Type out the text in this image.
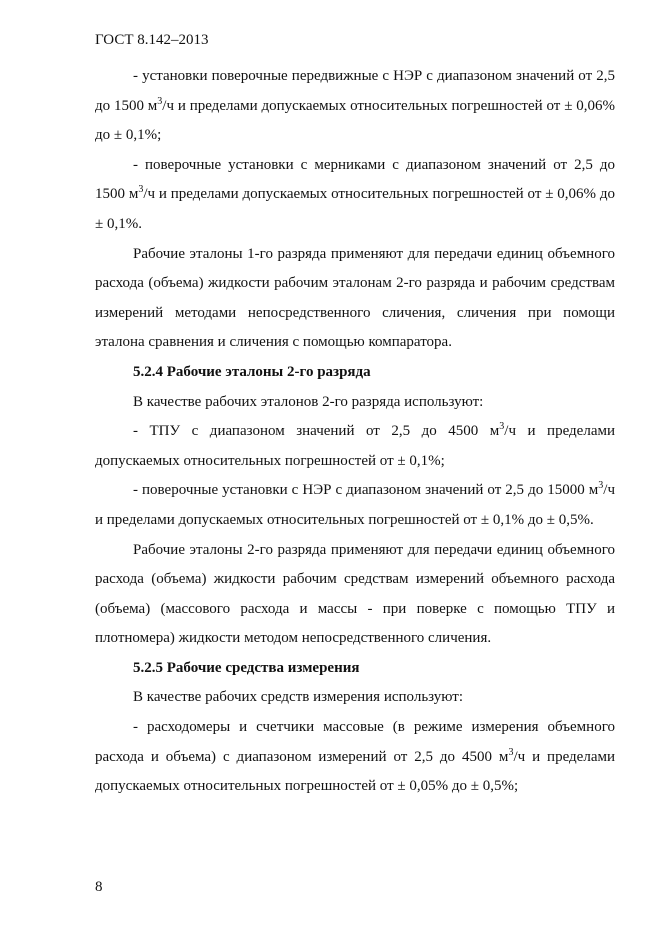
ГОСТ 8.142–2013

- установки поверочные передвижные с НЭР с диапазоном значений от 2,5 до 1500 $м^3/ч$ и пределами допускаемых относительных погрешностей от ± 0,06% до ± 0,1%;

- поверочные установки с мерниками с диапазоном значений от 2,5 до 1500 $м^3/ч$ и пределами допускаемых относительных погрешностей от ± 0,06% до ± 0,1%.

Рабочие эталоны 1-го разряда применяют для передачи единиц объемного расхода (объема) жидкости рабочим эталонам 2-го разряда и рабочим средствам измерений методами непосредственного сличения, сличения при помощи эталона сравнения и сличения с помощью компаратора.

5.2.4 Рабочие эталоны 2-го разряда

В качестве рабочих эталонов 2-го разряда используют:

- ТПУ с диапазоном значений от 2,5 до 4500 $м^3/ч$ и пределами допускаемых относительных погрешностей от ± 0,1%;

- поверочные установки с НЭР с диапазоном значений от 2,5 до 15000 $м^3/ч$ и пределами допускаемых относительных погрешностей от ± 0,1% до ± 0,5%.

Рабочие эталоны 2-го разряда применяют для передачи единиц объемного расхода (объема) жидкости рабочим средствам измерений объемного расхода (объема) (массового расхода и массы - при поверке с помощью ТПУ и плотномера) жидкости методом непосредственного сличения.

5.2.5 Рабочие средства измерения

В качестве рабочих средств измерения используют:

- расходомеры и счетчики массовые (в режиме измерения объемного расхода и объема) с диапазоном измерений от 2,5 до 4500 $м^3/ч$ и пределами допускаемых относительных погрешностей от ± 0,05% до ± 0,5%;

8
